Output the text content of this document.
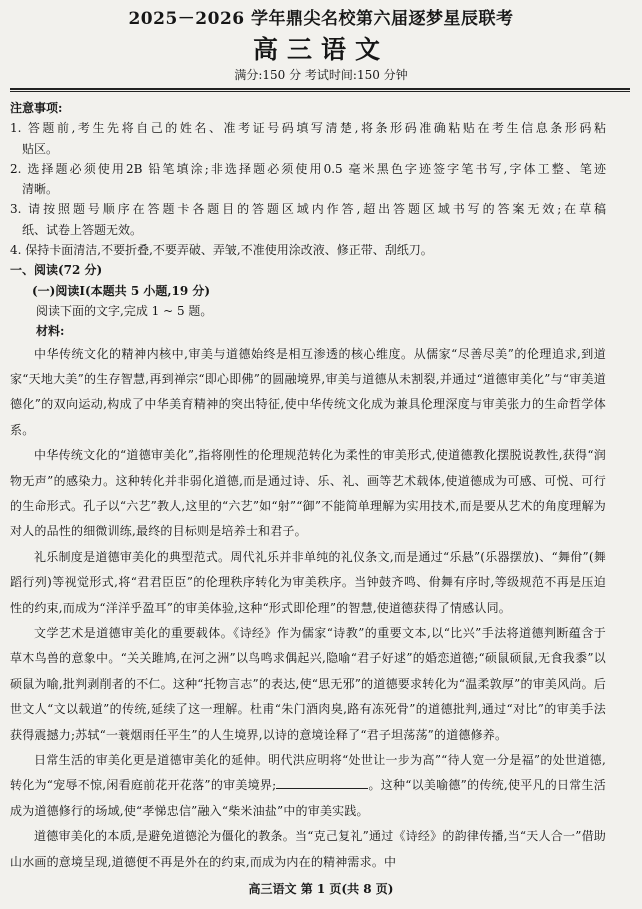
2025－2026 学年鼎尖名校第六届逐梦星辰联考
高三语文
满分:150 分 考试时间:150 分钟
注意事项:
1. 答题前,考生先将自己的姓名、准考证号码填写清楚,将条形码准确粘贴在考生信息条形码粘
贴区。
2. 选择题必须使用2B 铅笔填涂;非选择题必须使用0.5 毫米黑色字迹签字笔书写,字体工整、笔迹
清晰。
3. 请按照题号顺序在答题卡各题目的答题区域内作答,超出答题区域书写的答案无效;在草稿
纸、试卷上答题无效。
4. 保持卡面清洁,不要折叠,不要弄破、弄皱,不准使用涂改液、修正带、刮纸刀。
一、阅读(72 分)
(一)阅读Ⅰ(本题共 5 小题,19 分)
阅读下面的文字,完成 1 ~ 5 题。
材料:
中华传统文化的精神内核中,审美与道德始终是相互渗透的核心维度。从儒家“尽善尽美”的伦理追求,到道家“天地大美”的生存智慧,再到禅宗“即心即佛”的圆融境界,审美与道德从未割裂,并通过“道德审美化”与“审美道德化”的双向运动,构成了中华美育精神的突出特征,使中华传统文化成为兼具伦理深度与审美张力的生命哲学体系。
中华传统文化的“道德审美化”,指将刚性的伦理规范转化为柔性的审美形式,使道德教化摆脱说教性,获得“润物无声”的感染力。这种转化并非弱化道德,而是通过诗、乐、礼、画等艺术载体,使道德成为可感、可悦、可行的生命形式。孔子以“六艺”教人,这里的“六艺”如“射”“御”不能简单理解为实用技术,而是要从艺术的角度理解为对人的品性的细微训练,最终的目标则是培养士和君子。
礼乐制度是道德审美化的典型范式。周代礼乐并非单纯的礼仪条文,而是通过“乐悬”(乐器摆放)、“舞佾”(舞蹈行列)等视觉形式,将“君君臣臣”的伦理秩序转化为审美秩序。当钟鼓齐鸣、佾舞有序时,等级规范不再是压迫性的约束,而成为“洋洋乎盈耳”的审美体验,这种“形式即伦理”的智慧,使道德获得了情感认同。
文学艺术是道德审美化的重要载体。《诗经》作为儒家“诗教”的重要文本,以“比兴”手法将道德判断蕴含于草木鸟兽的意象中。“关关雎鸠,在河之洲”以鸟鸣求偶起兴,隐喻“君子好逑”的婚恋道德;“硕鼠硕鼠,无食我黍”以硕鼠为喻,批判剥削者的不仁。这种“托物言志”的表达,使“思无邪”的道德要求转化为“温柔敦厚”的审美风尚。后世文人“文以载道”的传统,延续了这一理解。杜甫“朱门酒肉臭,路有冻死骨”的道德批判,通过“对比”的审美手法获得震撼力;苏轼“一蓑烟雨任平生”的人生境界,以诗的意境诠释了“君子坦荡荡”的道德修养。
日常生活的审美化更是道德审美化的延伸。明代洪应明将“处世让一步为高”“待人宽一分是福”的处世道德,转化为“宠辱不惊,闲看庭前花开花落”的审美境界;	。这种“以美喻德”的传统,使平凡的日常生活成为道德修行的场域,使“孝悌忠信”融入“柴米油盐”中的审美实践。
道德审美化的本质,是避免道德沦为僵化的教条。当“克己复礼”通过《诗经》的韵律传播,当“天人合一”借助山水画的意境呈现,道德便不再是外在的约束,而成为内在的精神需求。中
高三语文 第 1 页(共 8 页)
